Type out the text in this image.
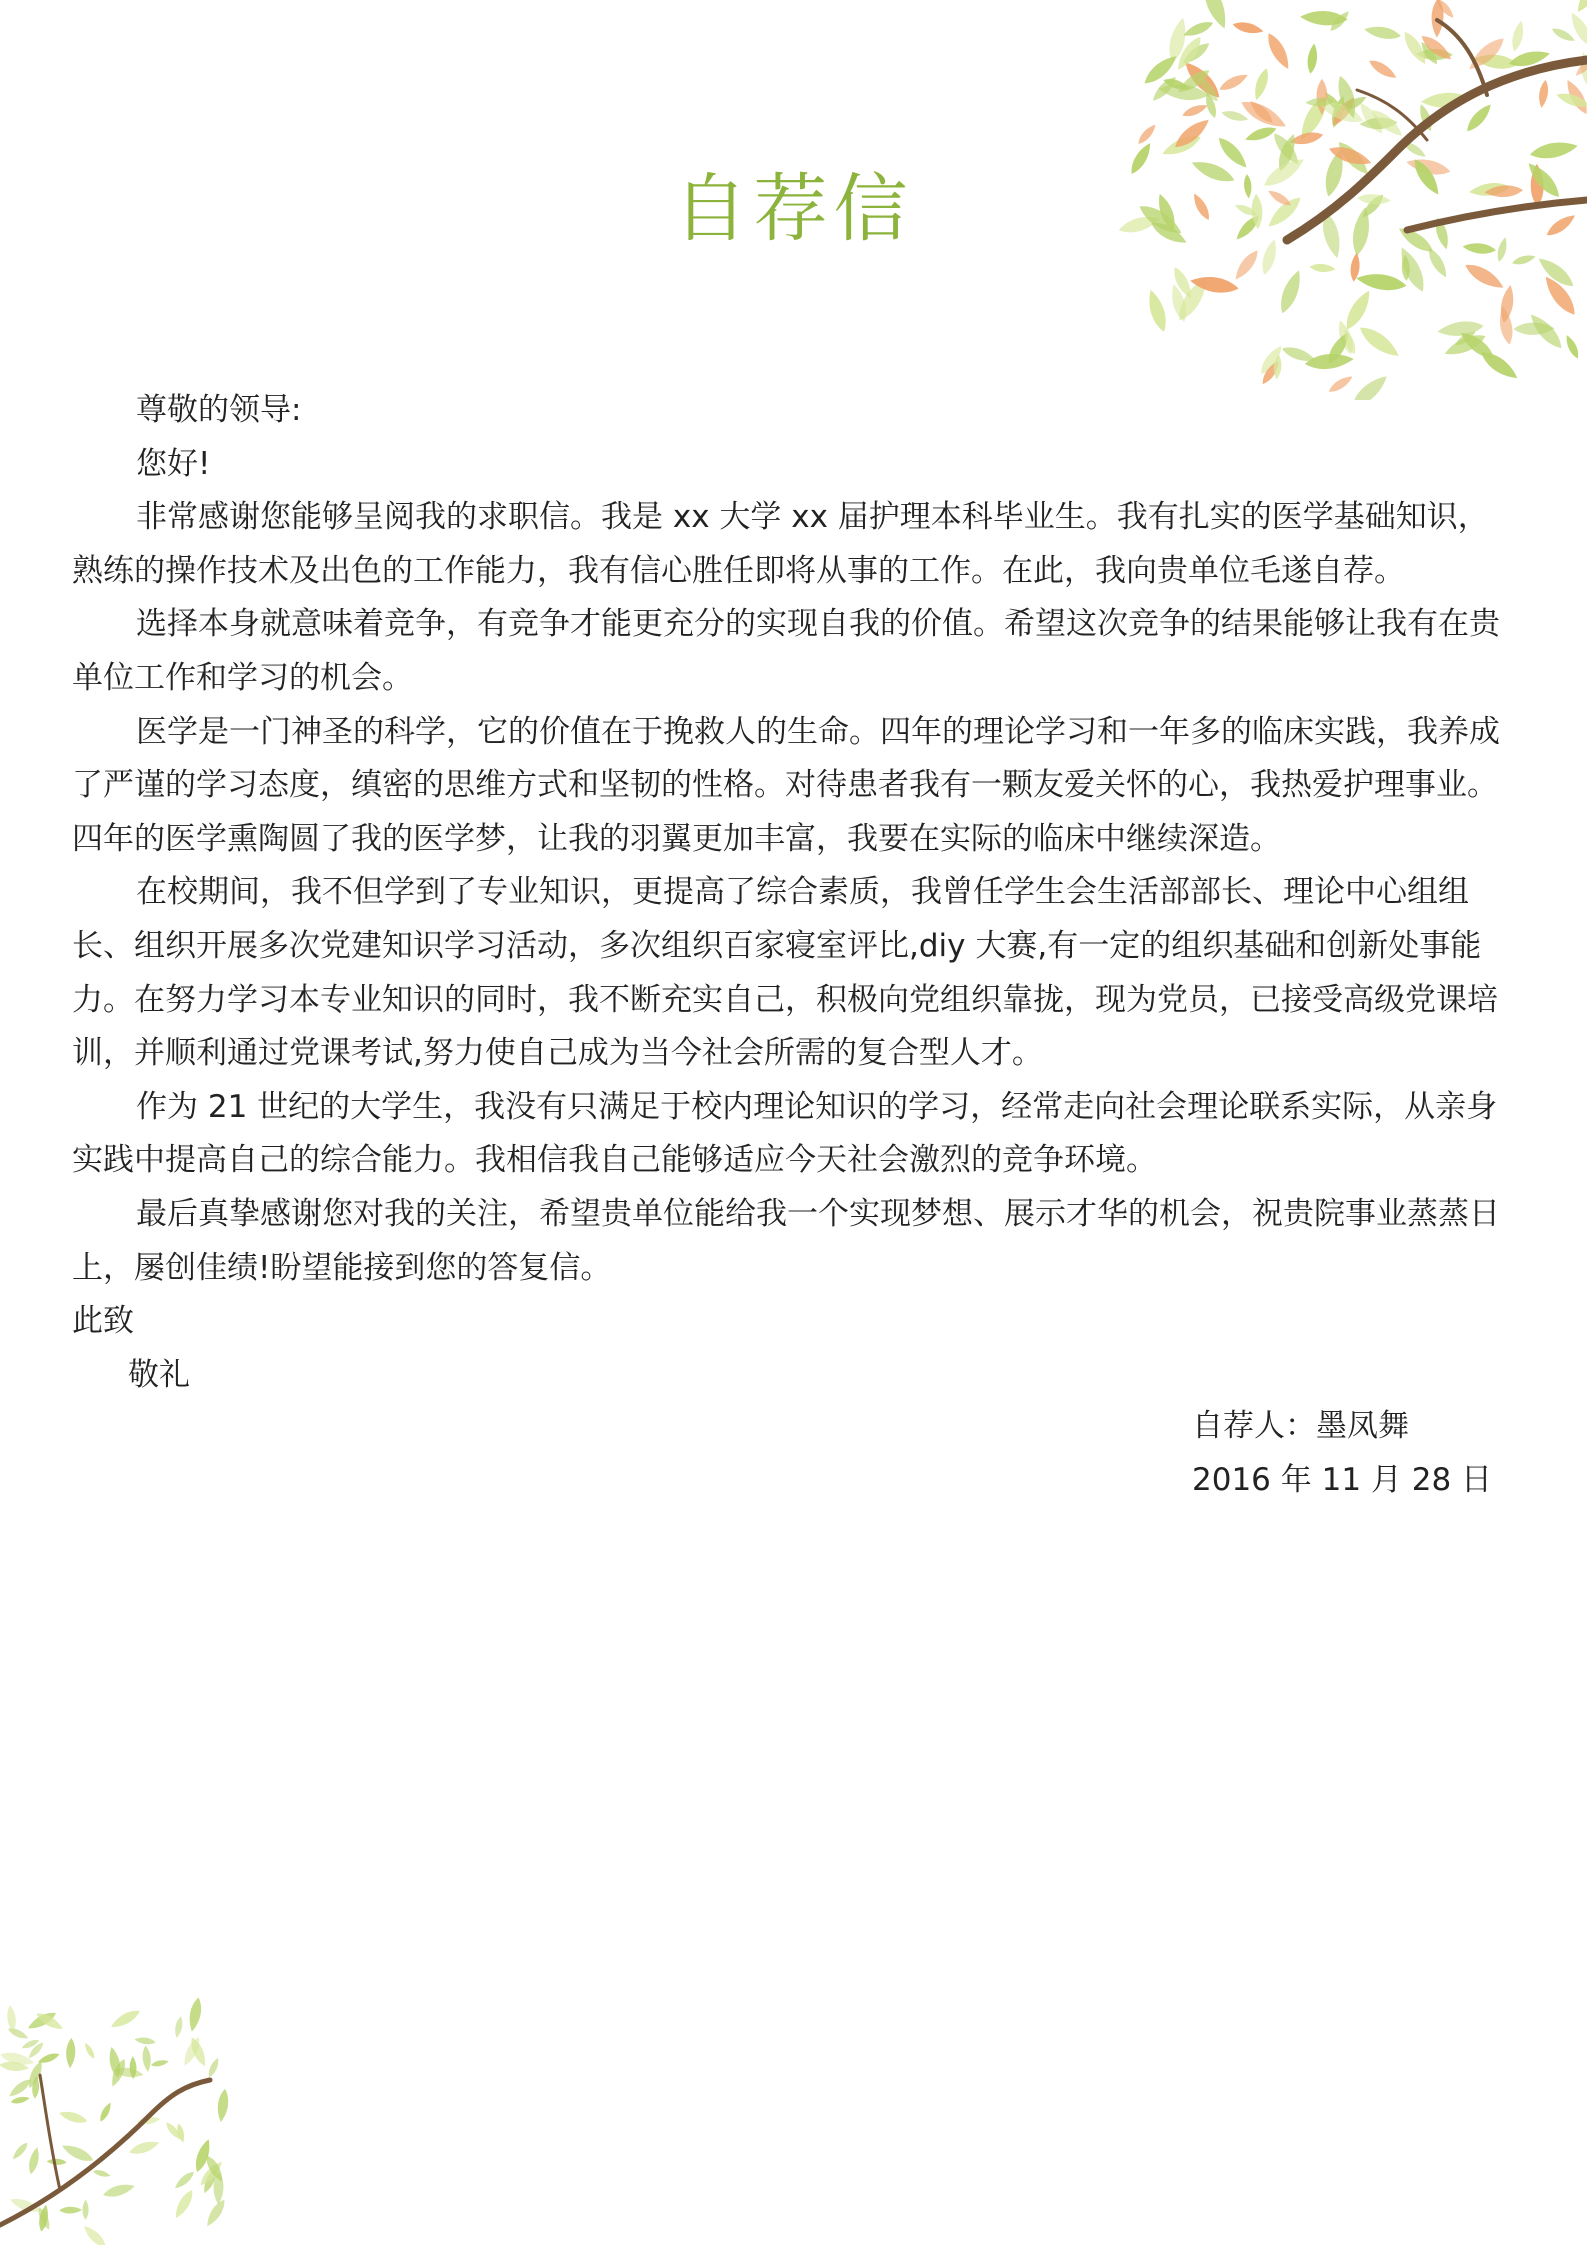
自荐信

尊敬的领导:

您好!

非常感谢您能够呈阅我的求职信。我是 xx 大学 xx 届护理本科毕业生。我有扎实的医学基础知识，熟练的操作技术及出色的工作能力，我有信心胜任即将从事的工作。在此，我向贵单位毛遂自荐。

选择本身就意味着竞争，有竞争才能更充分的实现自我的价值。希望这次竞争的结果能够让我有在贵单位工作和学习的机会。

医学是一门神圣的科学，它的价值在于挽救人的生命。四年的理论学习和一年多的临床实践，我养成了严谨的学习态度，缜密的思维方式和坚韧的性格。对待患者我有一颗友爱关怀的心，我热爱护理事业。四年的医学熏陶圆了我的医学梦，让我的羽翼更加丰富，我要在实际的临床中继续深造。

在校期间，我不但学到了专业知识，更提高了综合素质，我曾任学生会生活部部长、理论中心组组长、组织开展多次党建知识学习活动，多次组织百家寝室评比,diy 大赛,有一定的组织基础和创新处事能力。在努力学习本专业知识的同时，我不断充实自己，积极向党组织靠拢，现为党员，已接受高级党课培训，并顺利通过党课考试,努力使自己成为当今社会所需的复合型人才。

作为 21 世纪的大学生，我没有只满足于校内理论知识的学习，经常走向社会理论联系实际，从亲身实践中提高自己的综合能力。我相信我自己能够适应今天社会激烈的竞争环境。

最后真挚感谢您对我的关注，希望贵单位能给我一个实现梦想、展示才华的机会，祝贵院事业蒸蒸日上，屡创佳绩!盼望能接到您的答复信。

此致

敬礼

自荐人：墨凤舞
2016 年 11 月 28 日
